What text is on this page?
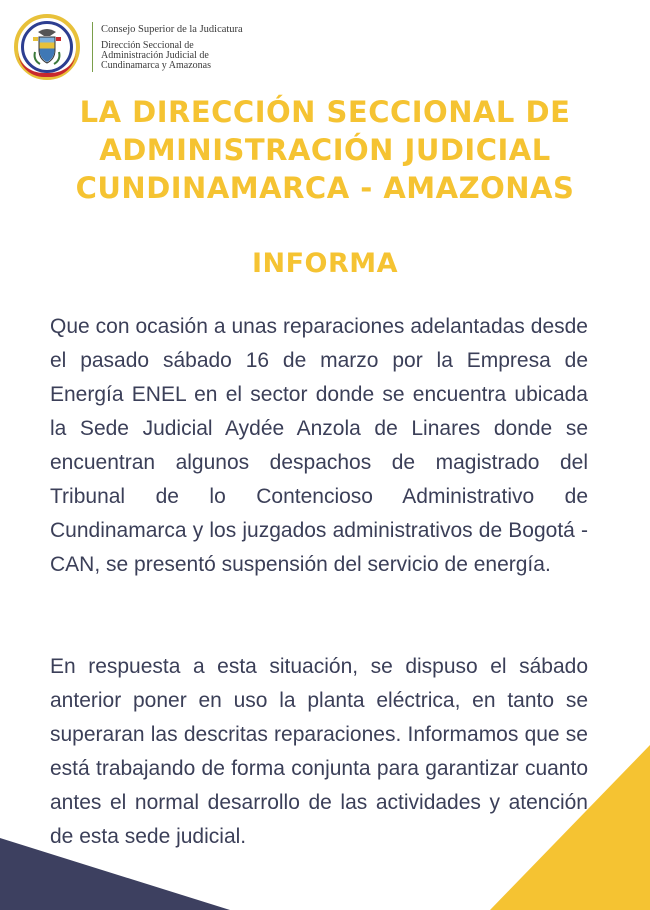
Consejo Superior de la Judicatura
Dirección Seccional de
Administración Judicial de
Cundinamarca y Amazonas
LA DIRECCIÓN SECCIONAL DE
ADMINISTRACIÓN JUDICIAL
CUNDINAMARCA - AMAZONAS
INFORMA
Que con ocasión a unas reparaciones adelantadas desde el pasado sábado 16 de marzo por la Empresa de Energía ENEL en el sector donde se encuentra ubicada la Sede Judicial Aydée Anzola de Linares donde se encuentran algunos despachos de magistrado del Tribunal de lo Contencioso Administrativo de Cundinamarca y los juzgados administrativos de Bogotá - CAN, se presentó suspensión del servicio de energía.
En respuesta a esta situación, se dispuso el sábado anterior poner en uso la planta eléctrica, en tanto se superaran las descritas reparaciones. Informamos que se está trabajando de forma conjunta para garantizar cuanto antes el normal desarrollo de las actividades y atención de esta sede judicial.
